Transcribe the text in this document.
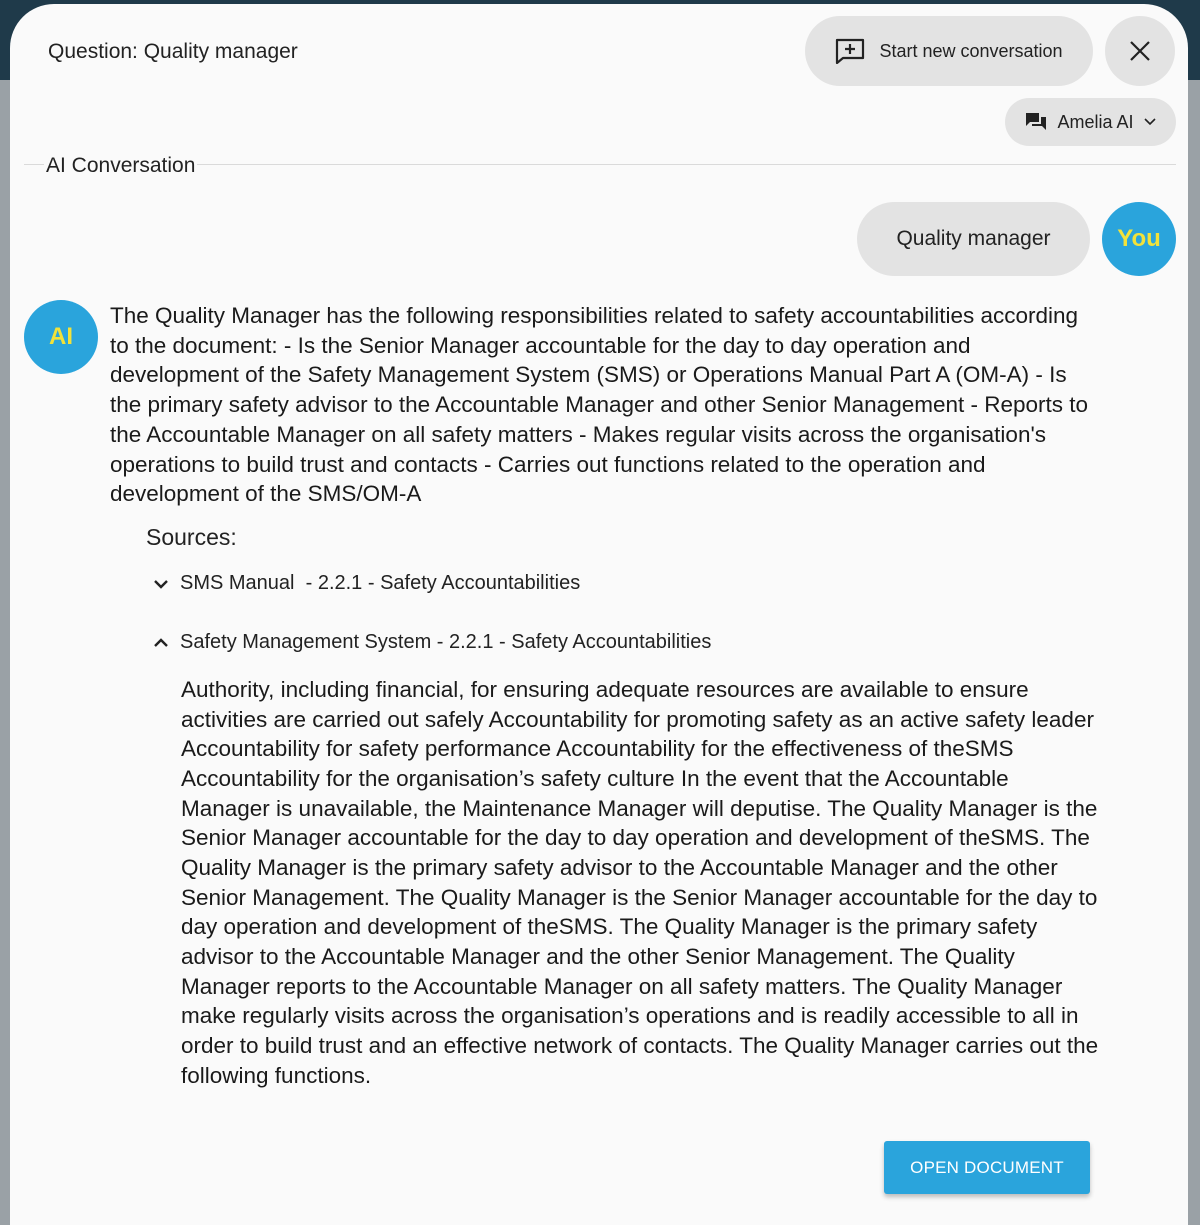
Question: Quality manager	Start new conversation
Amelia AI
AI Conversation
Quality manager	You
AI
The Quality Manager has the following responsibilities related to safety accountabilities according to the document: - Is the Senior Manager accountable for the day to day operation and development of the Safety Management System (SMS) or Operations Manual Part A (OM-A) - Is the primary safety advisor to the Accountable Manager and other Senior Management - Reports to the Accountable Manager on all safety matters - Makes regular visits across the organisation's operations to build trust and contacts - Carries out functions related to the operation and development of the SMS/OM-A
Sources:
SMS Manual  - 2.2.1 - Safety Accountabilities
Safety Management System - 2.2.1 - Safety Accountabilities
Authority, including financial, for ensuring adequate resources are available to ensure activities are carried out safely Accountability for promoting safety as an active safety leader Accountability for safety performance Accountability for the effectiveness of theSMS Accountability for the organisation’s safety culture In the event that the Accountable Manager is unavailable, the Maintenance Manager will deputise. The Quality Manager is the Senior Manager accountable for the day to day operation and development of theSMS. The Quality Manager is the primary safety advisor to the Accountable Manager and the other Senior Management. The Quality Manager is the Senior Manager accountable for the day to day operation and development of theSMS. The Quality Manager is the primary safety advisor to the Accountable Manager and the other Senior Management. The Quality Manager reports to the Accountable Manager on all safety matters. The Quality Manager make regularly visits across the organisation’s operations and is readily accessible to all in order to build trust and an effective network of contacts. The Quality Manager carries out the following functions.
OPEN DOCUMENT
